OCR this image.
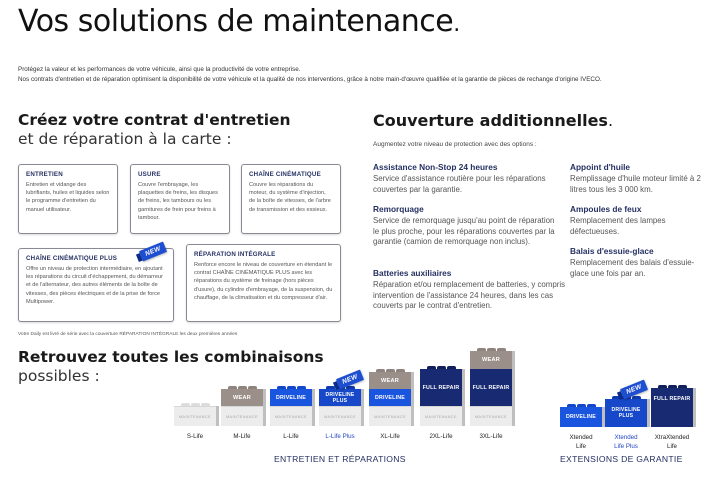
Vos solutions de maintenance.

Protégez la valeur et les performances de votre véhicule, ainsi que la productivité de votre entreprise.

Nos contrats d'entretien et de réparation optimisent la disponibilité de votre véhicule et la qualité de nos interventions, grâce à notre main-d'œuvre qualifiée et la garantie de pièces de rechange d'origine IVECO.

Créez votre contrat d'entretien
et de réparation à la carte :
ENTRETIEN
Entretien et vidange des lubrifiants, huiles et liquides selon le programme d'entretien du manuel utilisateur.
USURE
Couvre l'embrayage, les plaquettes de freins, les disques de freins, les tambours ou les garnitures de frein pour freins à tambour.
CHAÎNE CINÉMATIQUE
Couvre les réparations du moteur, du système d'injection, de la boîte de vitesses, de l'arbre de transmission et des essieux.
CHAÎNE CINÉMATIQUE PLUS
Offre un niveau de protection intermédiaire, en ajoutant les réparations du circuit d'échappement, du démarreur et de l'alternateur, des autres éléments de la boîte de vitesses, des pièces électriques et de la prise de force Multipower.
NEW	RÉPARATION INTÉGRALE
Renforce encore le niveau de couverture en étendant le contrat CHAÎNE CINÉMATIQUE PLUS avec les réparations du système de freinage (hors pièces d'usure), du cylindre d'embrayage, de la suspension, du chauffage, de la climatisation et du compresseur d'air.
Votre Daily est livré de série avec la couverture RÉPARATION INTÉGRALE les deux premières années
Couverture additionnelles.
Augmentez votre niveau de protection avec des options :
Assistance Non-Stop 24 heures
Service d'assistance routière pour les réparations couvertes par la garantie.
Remorquage
Service de remorquage jusqu'au point de réparation le plus proche, pour les réparations couvertes par la garantie (camion de remorquage non inclus).
Batteries auxiliaires
Réparation et/ou remplacement de batteries, y compris intervention de l'assistance 24 heures, dans les cas couverts par le contrat d'entretien.
Appoint d'huile
Remplissage d'huile moteur limité à 2 litres tous les 3 000 km.
Ampoules de feux
Remplacement des lampes défectueuses.
Balais d'essuie-glace
Remplacement des balais d'essuie-glace une fois par an.
Retrouvez toutes les combinaisons
possibles :
MAINTENANCE
S-Life
WEAR
MAINTENANCE
M-Life
DRIVELINE
MAINTENANCE
L-Life
DRIVELINE PLUS
MAINTENANCE
NEW
L-Life Plus
WEAR
DRIVELINE
MAINTENANCE
XL-Life
FULL REPAIR
MAINTENANCE
2XL-Life
WEAR
FULL REPAIR
MAINTENANCE
3XL-Life
ENTRETIEN ET RÉPARATIONS
DRIVELINE
Xtended
Life
DRIVELINE PLUS
NEW
Xtended
Life Plus
FULL REPAIR
XtraXtended
Life
EXTENSIONS DE GARANTIE
